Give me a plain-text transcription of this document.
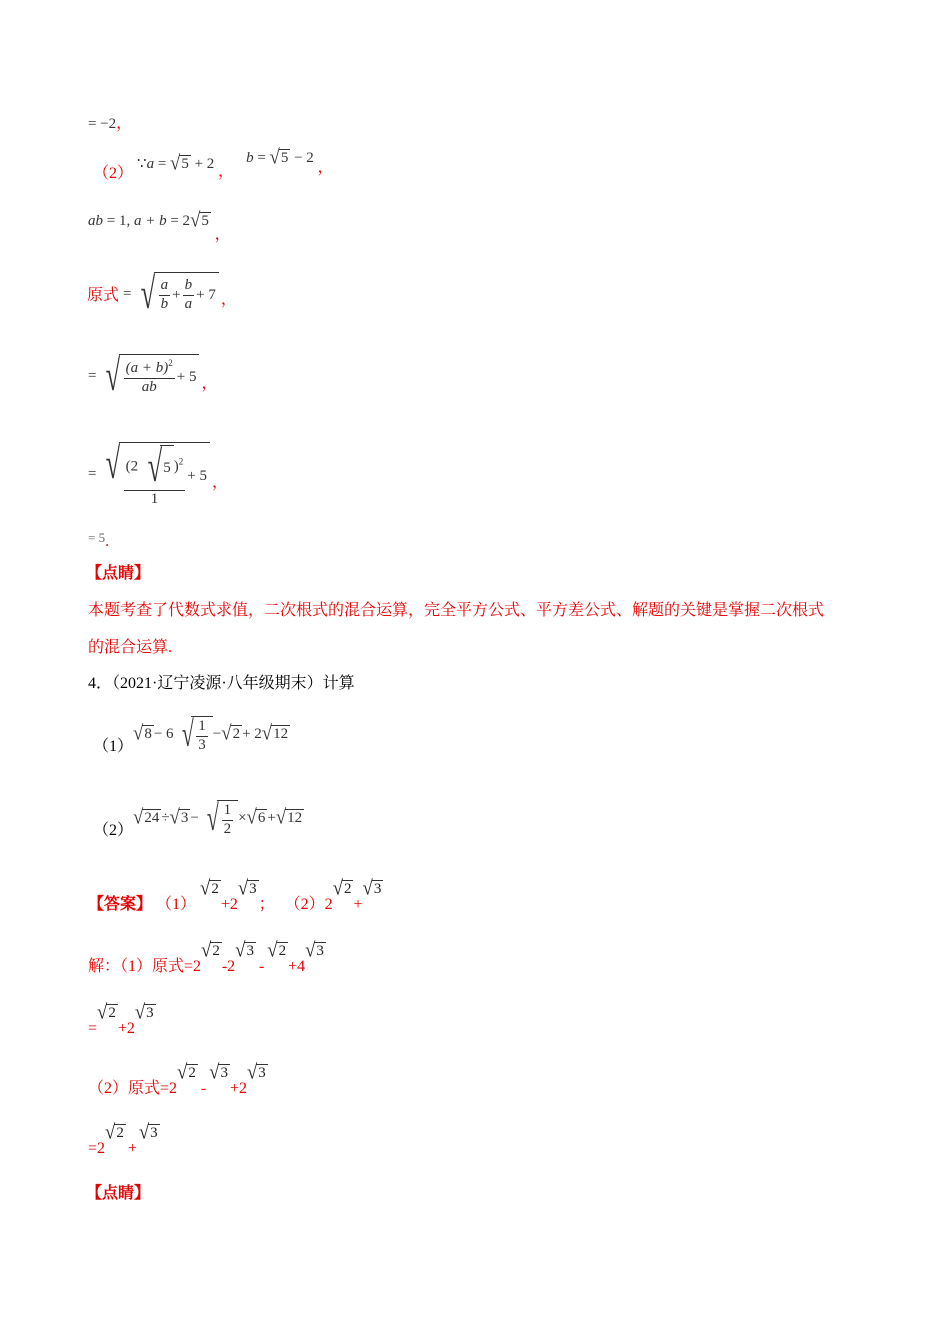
= −2，
（2） ∵a = √ 5 + 2 ， b = √ 5 − 2 ，
ab = 1, a + b = 2 √ 5
，
原式 = √ $\frac{a}{b} + \frac{b}{a} + 7$ ，
= √ $\frac{(a + b)^2}{ab} + 5$ ，
= √ $\frac{(2 √ 5 )^2}{1} + 5$ ，
= 5.
【点睛】
本题考查了代数式求值，二次根式的混合运算，完全平方公式、平方差公式、解题的关键是掌握二次根式
的混合运算.
4．（2021·辽宁凌源·八年级期末）计算
（1）
√ 8 − 6 √ $\frac{1}{3}$ − √ 2 + 2 √ 12
（2）
√ 24 ÷ √ 3 − √ $\frac{1}{2}$ × √ 6 + √ 12
【答案】 （1）
√ 2
+2
√ 3
； （2）2
√ 2
+
√ 3
解：（1）原式=2
√ 2
-2
√ 3
-
√ 2
+4
√ 3
=
√ 2
+2
√ 3
（2）原式=2
√ 2
-
√ 3
+2
√ 3
=2
√ 2
+
√ 3
【点睛】
